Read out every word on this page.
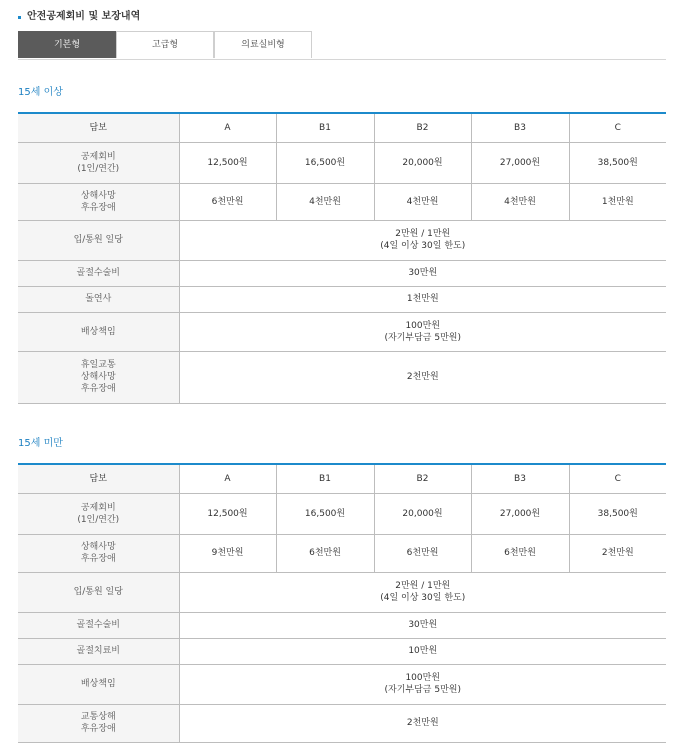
안전공제회비 및 보장내역
기본형	고급형	의료실비형
15세 이상
담보	A	B1	B2	B3	C

공제회비
(1인/연간)	12,500원	16,500원	20,000원	27,000원	38,500원

상해사망
후유장애	6천만원	4천만원	4천만원	4천만원	1천만원
입/통원 일당	2만원 / 1만원
(4일 이상 30일 한도)				

골절수술비	30만원				
돌연사	1천만원				
배상책임	100만원
(자기부담금 5만원)				

휴일교통
상해사망
후유장애	2천만원				
15세 미만
담보	A	B1	B2	B3	C

공제회비
(1인/연간)	12,500원	16,500원	20,000원	27,000원	38,500원

상해사망
후유장애	9천만원	6천만원	6천만원	6천만원	2천만원
입/통원 일당	2만원 / 1만원
(4일 이상 30일 한도)				

골절수술비	30만원				
골절치료비	10만원				
배상책임	100만원
(자기부담금 5만원)				

교통상해
후유장애	2천만원				
